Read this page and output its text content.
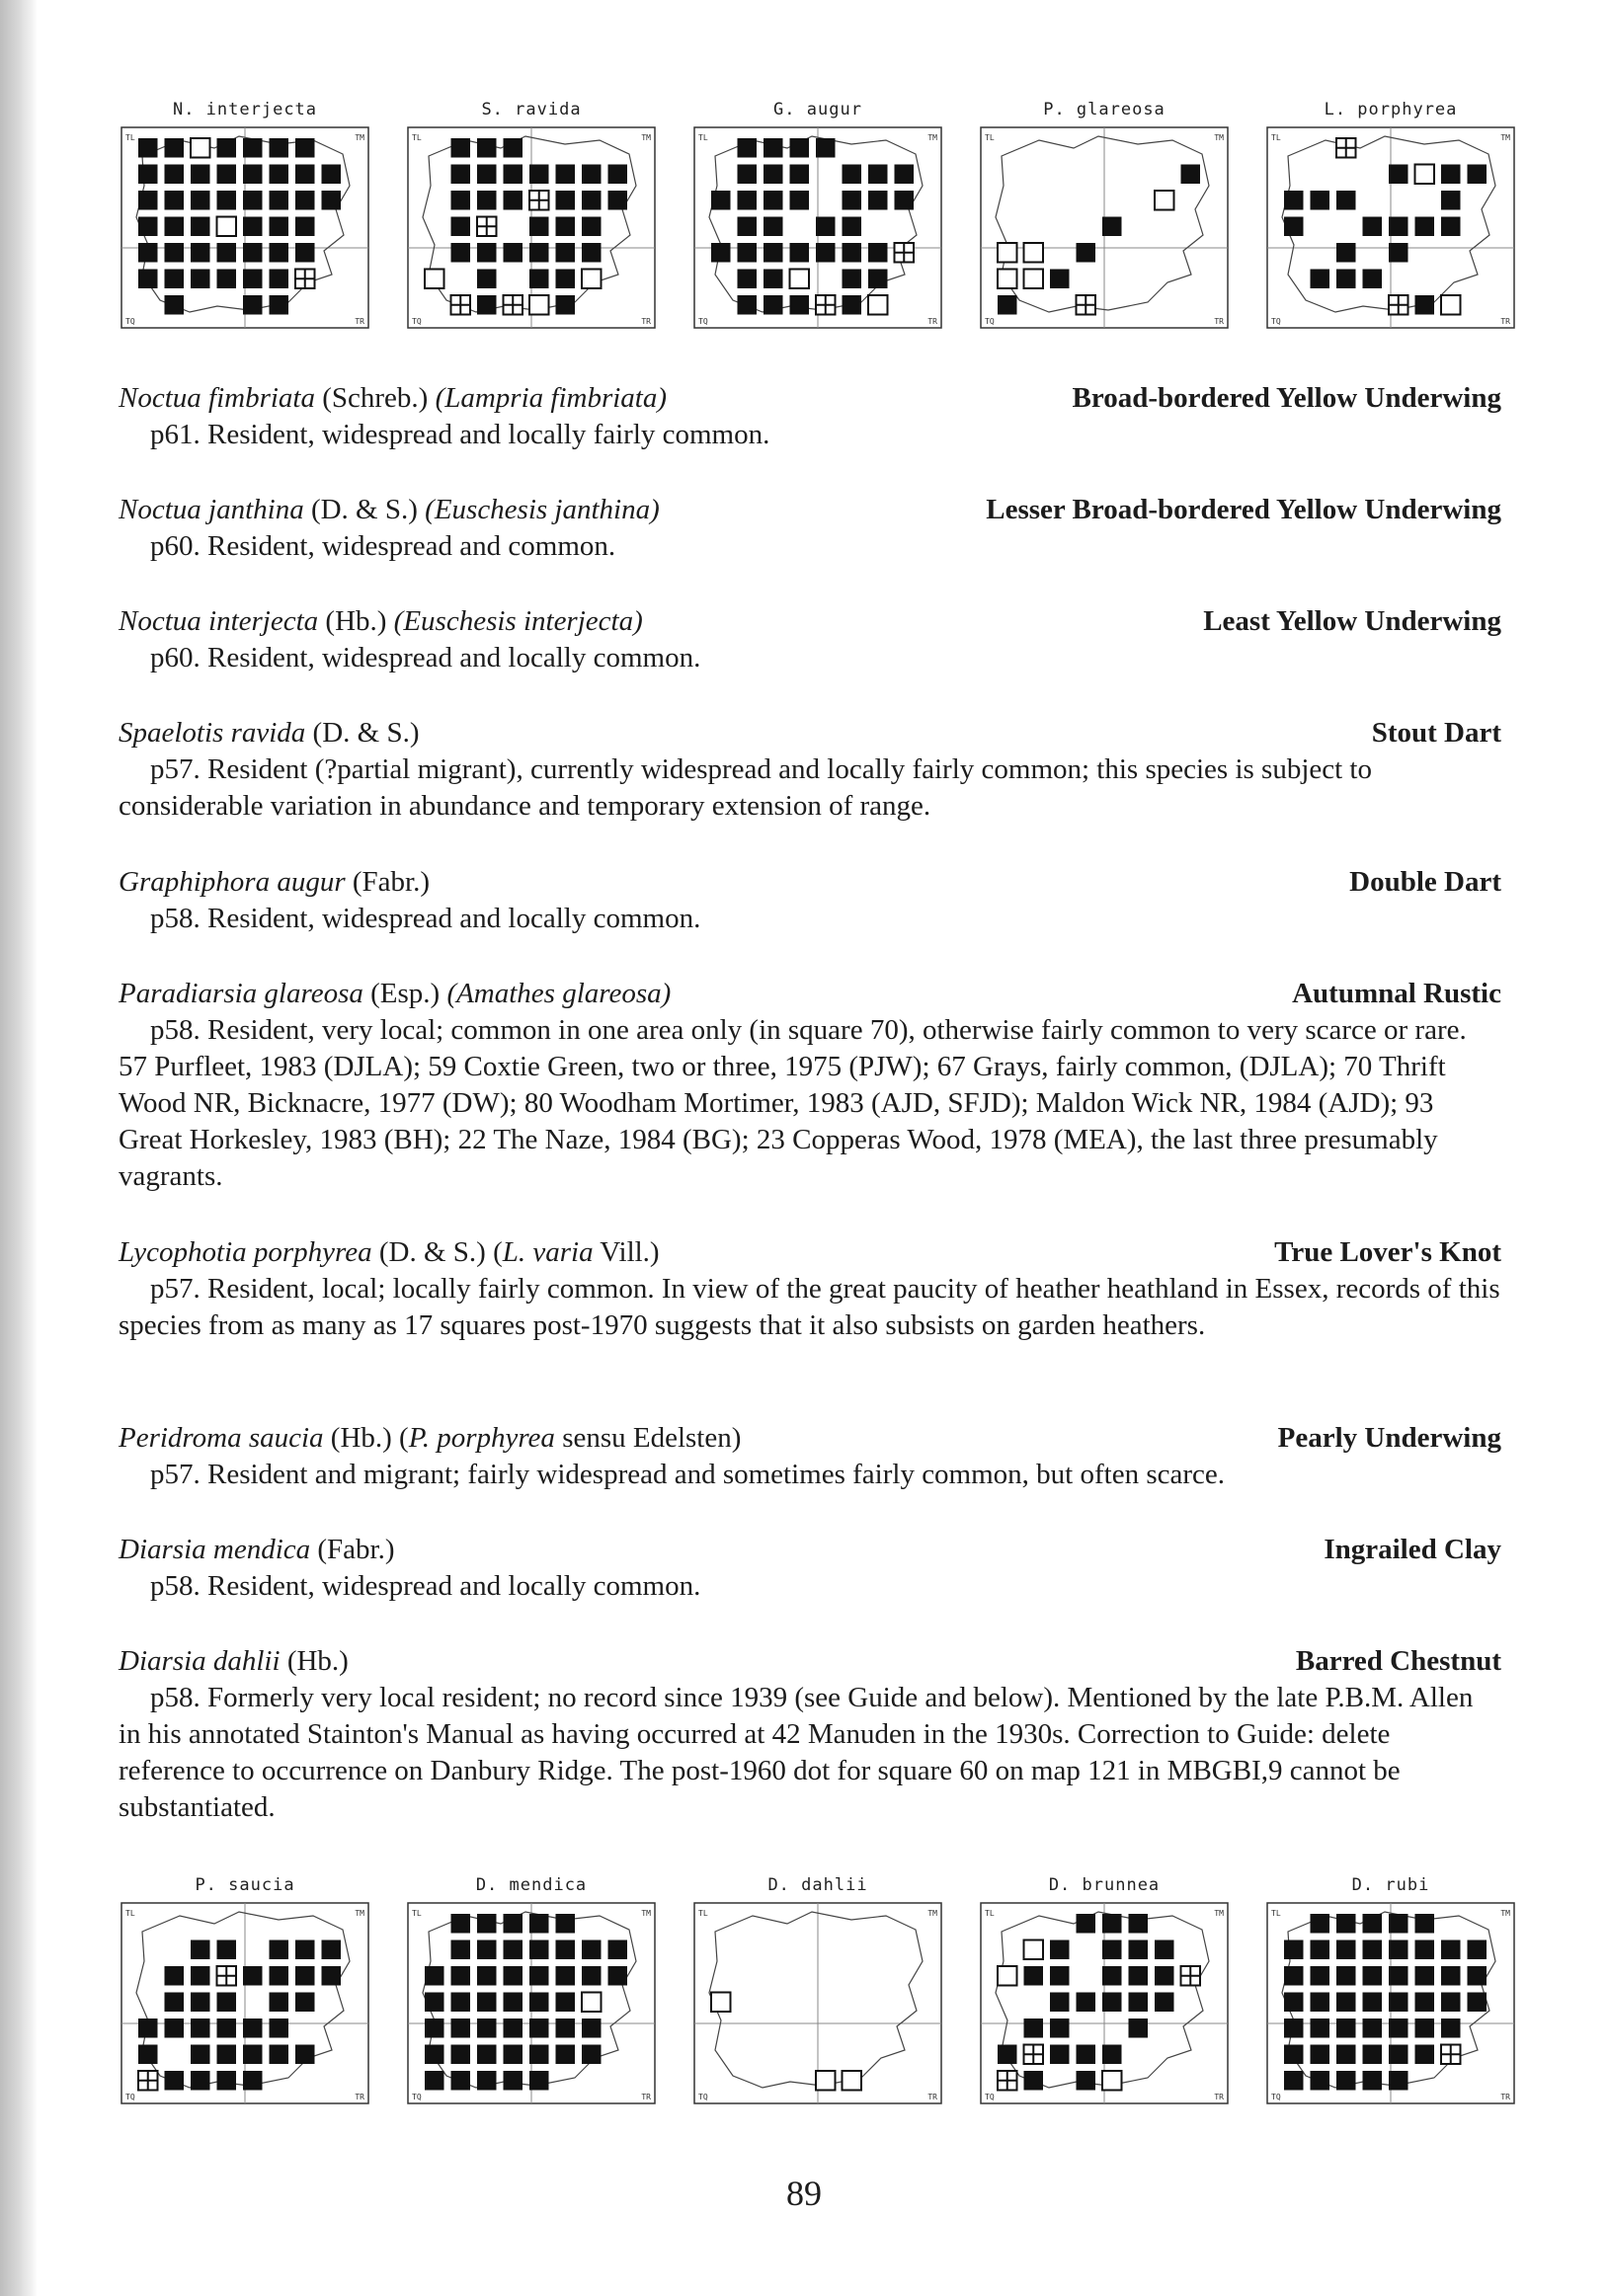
N. interjecta
TL	TM
TQ	TR
S. ravida
TL	TM
TQ	TR
G. augur
TL	TM
TQ	TR
P. glareosa
TL	TM
TQ	TR
L. porphyrea
TL	TM
TQ	TR
Noctua fimbriata (Schreb.) (Lampria fimbriata)	Broad-bordered Yellow Underwing

p61. Resident, widespread and locally fairly common.

Noctua janthina (D. & S.) (Euschesis janthina)	Lesser Broad-bordered Yellow Underwing

p60. Resident, widespread and common.

Noctua interjecta (Hb.) (Euschesis interjecta)	Least Yellow Underwing

p60. Resident, widespread and locally common.

Spaelotis ravida (D. & S.)	Stout Dart

p57. Resident (?partial migrant), currently widespread and locally fairly common; this species is subject to considerable variation in abundance and temporary extension of range.

Graphiphora augur (Fabr.)	Double Dart

p58. Resident, widespread and locally common.

Paradiarsia glareosa (Esp.) (Amathes glareosa)	Autumnal Rustic

p58. Resident, very local; common in one area only (in square 70), otherwise fairly common to very scarce or rare. 57 Purfleet, 1983 (DJLA); 59 Coxtie Green, two or three, 1975 (PJW); 67 Grays, fairly common, (DJLA); 70 Thrift Wood NR, Bicknacre, 1977 (DW); 80 Woodham Mortimer, 1983 (AJD, SFJD); Maldon Wick NR, 1984 (AJD); 93 Great Horkesley, 1983 (BH); 22 The Naze, 1984 (BG); 23 Copperas Wood, 1978 (MEA), the last three presumably vagrants.

Lycophotia porphyrea (D. & S.) (L. varia Vill.)	True Lover's Knot

p57. Resident, local; locally fairly common. In view of the great paucity of heather heathland in Essex, records of this species from as many as 17 squares post-1970 suggests that it also subsists on garden heathers.

Peridroma saucia (Hb.) (P. porphyrea sensu Edelsten)	Pearly Underwing

p57. Resident and migrant; fairly widespread and sometimes fairly common, but often scarce.

Diarsia mendica (Fabr.)	Ingrailed Clay

p58. Resident, widespread and locally common.

Diarsia dahlii (Hb.)	Barred Chestnut

p58. Formerly very local resident; no record since 1939 (see Guide and below). Mentioned by the late P.B.M. Allen in his annotated Stainton's Manual as having occurred at 42 Manuden in the 1930s. Correction to Guide: delete reference to occurrence on Danbury Ridge. The post-1960 dot for square 60 on map 121 in MBGBI,9 cannot be substantiated.

P. saucia
TL	TM
TQ	TR
D. mendica
TL	TM
TQ	TR
D. dahlii
TL	TM
TQ	TR
D. brunnea
TL	TM
TQ	TR
D. rubi
TL	TM
TQ	TR
89
